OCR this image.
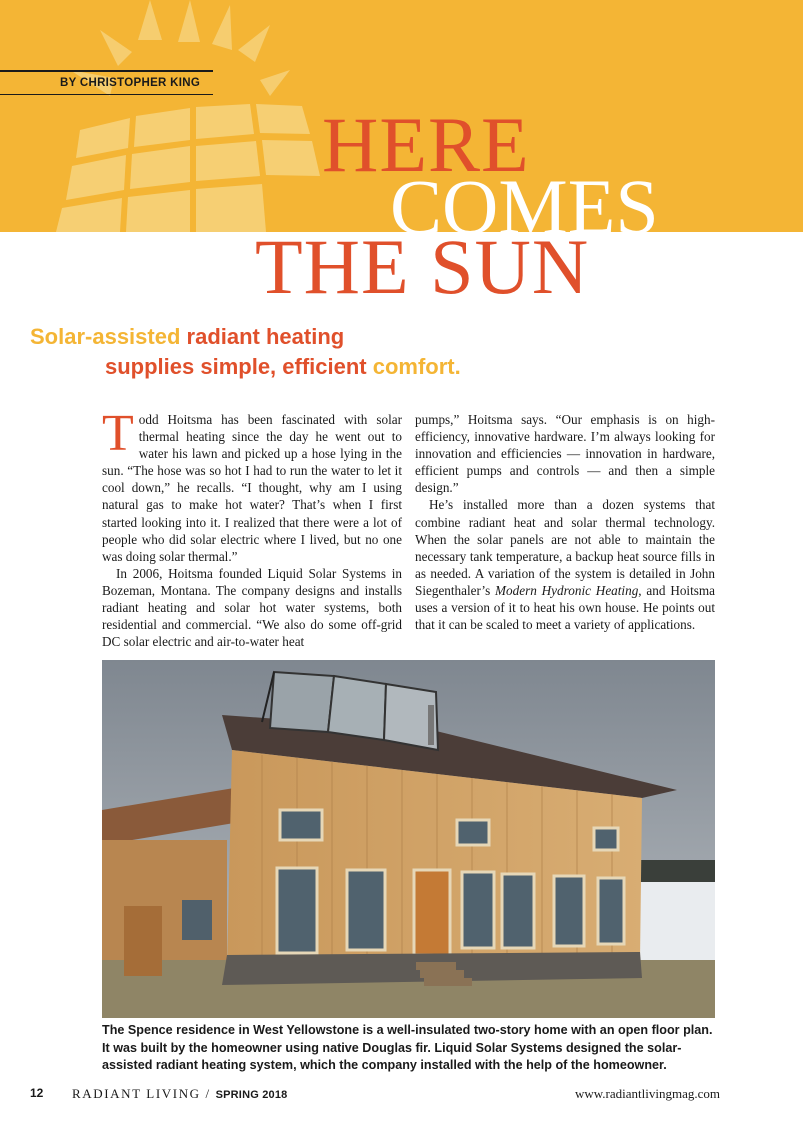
BY CHRISTOPHER KING
HERE
COMES
THE SUN
Solar-assisted radiant heating
supplies simple, efficient comfort.

Todd Hoitsma has been fascinated with solar thermal heating since the day he went out to water his lawn and picked up a hose lying in the sun. “The hose was so hot I had to run the water to let it cool down,” he recalls. “I thought, why am I using natural gas to make hot water? That’s when I first started looking into it. I realized that there were a lot of people who did solar electric where I lived, but no one was doing solar thermal.”

In 2006, Hoitsma founded Liquid Solar Systems in Bozeman, Montana. The company designs and installs radiant heating and solar hot water systems, both residential and commercial. “We also do some off-grid DC solar electric and air-to-water heat

pumps,” Hoitsma says. “Our emphasis is on high-efficiency, innovative hardware. I’m always looking for innovation and efficiencies — innovation in hardware, efficient pumps and controls — and then a simple design.”

He’s installed more than a dozen systems that combine radiant heat and solar thermal technology. When the solar panels are not able to maintain the necessary tank temperature, a backup heat source fills in as needed. A variation of the system is detailed in John Siegenthaler’s Modern Hydronic Heating, and Hoitsma uses a version of it to heat his own house. He points out that it can be scaled to meet a variety of applications.

The Spence residence in West Yellowstone is a well-insulated two-story home with an open floor plan. It was built by the homeowner using native Douglas fir. Liquid Solar Systems designed the solar-assisted radiant heating system, which the company installed with the help of the homeowner.
12 RADIANT LIVING / SPRING 2018	www.radiantlivingmag.com
